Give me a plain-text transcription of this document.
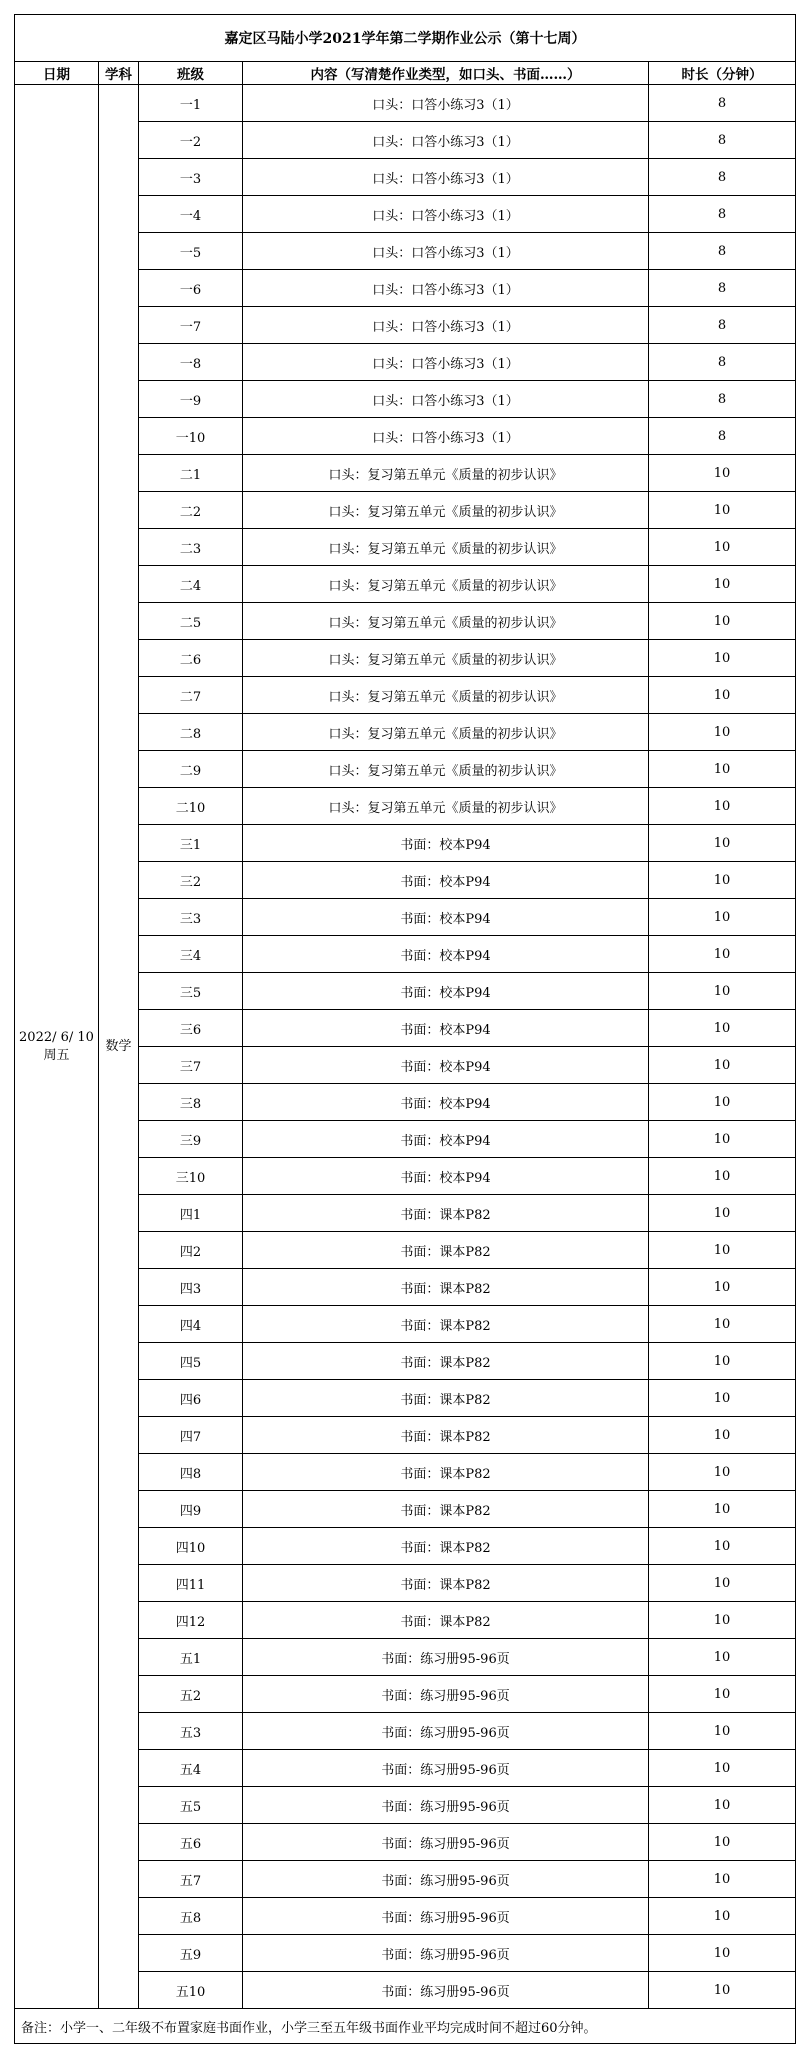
嘉定区马陆小学2021学年第二学期作业公示（第十七周）				
日期	学科	班级	内容（写清楚作业类型，如口头、书面……）	时长（分钟）

2022/ 6/ 10
周五	数学	一1	口头：口答小练习3（1）	8
		一2	口头：口答小练习3（1）	8
		一3	口头：口答小练习3（1）	8
		一4	口头：口答小练习3（1）	8
		一5	口头：口答小练习3（1）	8
		一6	口头：口答小练习3（1）	8
		一7	口头：口答小练习3（1）	8
		一8	口头：口答小练习3（1）	8
		一9	口头：口答小练习3（1）	8
		一10	口头：口答小练习3（1）	8
		二1	口头：复习第五单元《质量的初步认识》	10
		二2	口头：复习第五单元《质量的初步认识》	10
		二3	口头：复习第五单元《质量的初步认识》	10
		二4	口头：复习第五单元《质量的初步认识》	10
		二5	口头：复习第五单元《质量的初步认识》	10
		二6	口头：复习第五单元《质量的初步认识》	10
		二7	口头：复习第五单元《质量的初步认识》	10
		二8	口头：复习第五单元《质量的初步认识》	10
		二9	口头：复习第五单元《质量的初步认识》	10
		二10	口头：复习第五单元《质量的初步认识》	10
		三1	书面：校本P94	10
		三2	书面：校本P94	10
		三3	书面：校本P94	10
		三4	书面：校本P94	10
		三5	书面：校本P94	10
		三6	书面：校本P94	10
		三7	书面：校本P94	10
		三8	书面：校本P94	10
		三9	书面：校本P94	10
		三10	书面：校本P94	10
		四1	书面：课本P82	10
		四2	书面：课本P82	10
		四3	书面：课本P82	10
		四4	书面：课本P82	10
		四5	书面：课本P82	10
		四6	书面：课本P82	10
		四7	书面：课本P82	10
		四8	书面：课本P82	10
		四9	书面：课本P82	10
		四10	书面：课本P82	10
		四11	书面：课本P82	10
		四12	书面：课本P82	10
		五1	书面：练习册95-96页	10
		五2	书面：练习册95-96页	10
		五3	书面：练习册95-96页	10
		五4	书面：练习册95-96页	10
		五5	书面：练习册95-96页	10
		五6	书面：练习册95-96页	10
		五7	书面：练习册95-96页	10
		五8	书面：练习册95-96页	10
		五9	书面：练习册95-96页	10
		五10	书面：练习册95-96页	10
备注：小学一、二年级不布置家庭书面作业，小学三至五年级书面作业平均完成时间不超过60分钟。				
